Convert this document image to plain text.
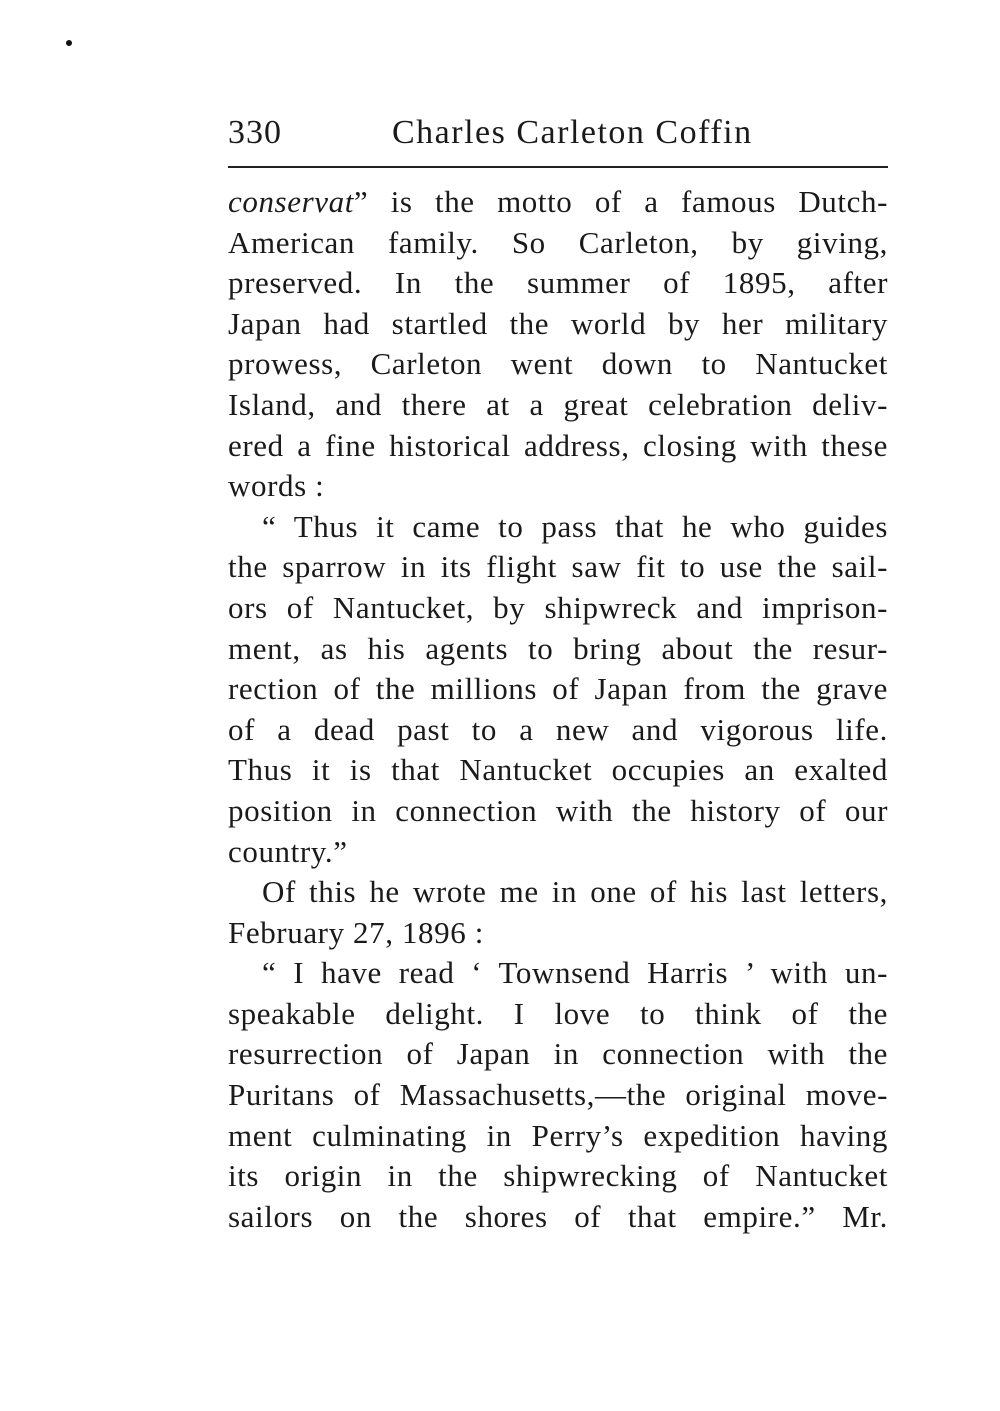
330	Charles Carleton Coffin
conservat” is the motto of a famous Dutch-
American family. So Carleton, by giving,
preserved. In the summer of 1895, after
Japan had startled the world by her military
prowess, Carleton went down to Nantucket
Island, and there at a great celebration deliv-
ered a fine historical address, closing with these
words :
“ Thus it came to pass that he who guides
the sparrow in its flight saw fit to use the sail-
ors of Nantucket, by shipwreck and imprison-
ment, as his agents to bring about the resur-
rection of the millions of Japan from the grave
of a dead past to a new and vigorous life.
Thus it is that Nantucket occupies an exalted
position in connection with the history of our
country.”
Of this he wrote me in one of his last letters,
February 27, 1896 :
“ I have read ‘ Townsend Harris ’ with un-
speakable delight. I love to think of the
resurrection of Japan in connection with the
Puritans of Massachusetts,—the original move-
ment culminating in Perry’s expedition having
its origin in the shipwrecking of Nantucket
sailors on the shores of that empire.” Mr.
